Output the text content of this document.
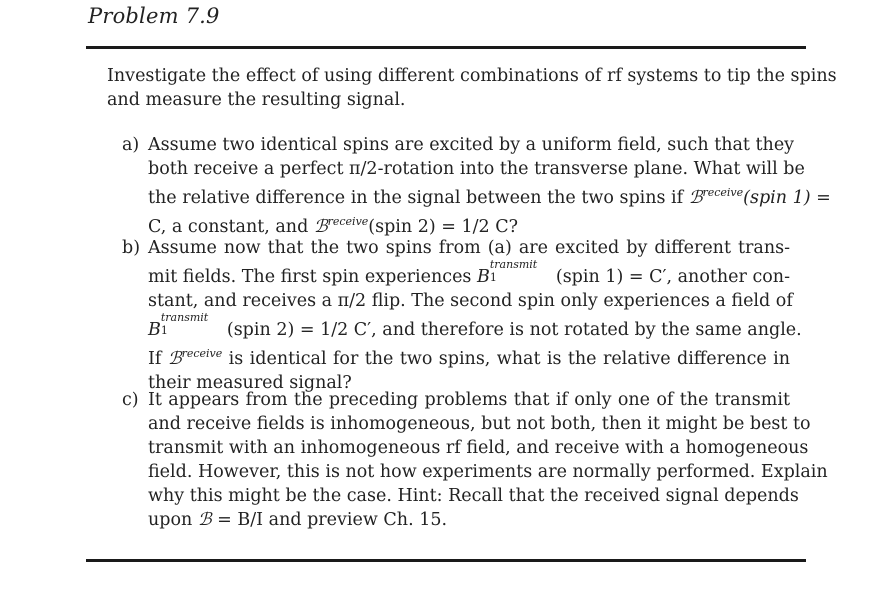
Problem 7.9
Investigate the effect of using different combinations of rf systems to tip the spins
and measure the resulting signal.
a) Assume two identical spins are excited by a uniform field, such that they
both receive a perfect π/2-rotation into the transverse plane. What will be
the relative difference in the signal between the two spins if ℬ$^{receive}$(spin 1) =
C, a constant, and ℬ$^{receive}$(spin 2) = 1/2 C?
b) Assume now that the two spins from (a) are excited by different trans-
mit fields. The first spin experiences B
transmit
1	(spin 1) = C′, another con-
stant, and receives a π/2 flip. The second spin only experiences a field of
B
transmit
1	(spin 2) = 1/2 C′, and therefore is not rotated by the same angle.
If ℬ$^{receive}$ is identical for the two spins, what is the relative difference in
their measured signal?
c) It appears from the preceding problems that if only one of the transmit
and receive fields is inhomogeneous, but not both, then it might be best to
transmit with an inhomogeneous rf field, and receive with a homogeneous
field. However, this is not how experiments are normally performed. Explain
why this might be the case. Hint: Recall that the received signal depends
upon ℬ = B/I and preview Ch. 15.
